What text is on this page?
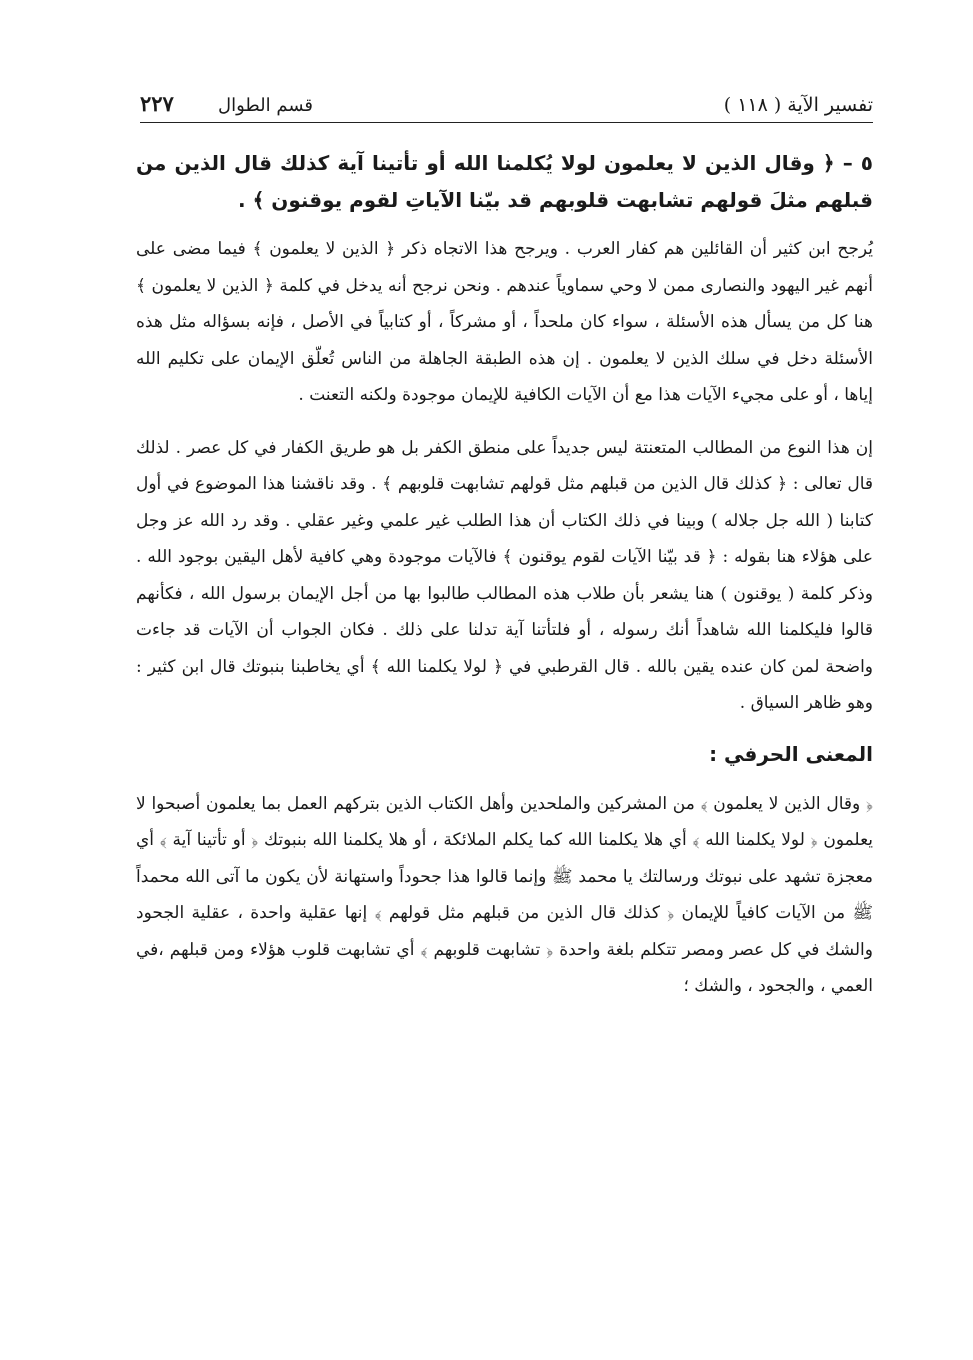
تفسير الآية ( ١١٨ )
قسم الطوال
٢٢٧

٥ – ﴿ وقال الذين لا يعلمون لولا يُكلمنا الله أو تأتينا آية كذلك قال الذين من قبلهم مثلَ قولهم تشابهت قلوبهم قد بيّنا الآياتِ لقوم يوقنون ﴾ .

يُرجح ابن كثير أن القائلين هم كفار العرب . ويرجح هذا الاتجاه ذكر ﴿ الذين لا يعلمون ﴾ فيما مضى على أنهم غير اليهود والنصارى ممن لا وحي سماوياً عندهم . ونحن نرجح أنه يدخل في كلمة ﴿ الذين لا يعلمون ﴾ هنا كل من يسأل هذه الأسئلة ، سواء كان ملحداً ، أو مشركاً ، أو كتابياً في الأصل ، فإنه بسؤاله مثل هذه الأسئلة دخل في سلك الذين لا يعلمون . إن هذه الطبقة الجاهلة من الناس تُعلّق الإيمان على تكليم الله إياها ، أو على مجيء الآيات هذا مع أن الآيات الكافية للإيمان موجودة ولكنه التعنت .

إن هذا النوع من المطالب المتعنتة ليس جديداً على منطق الكفر بل هو طريق الكفار في كل عصر . لذلك قال تعالى : ﴿ كذلك قال الذين من قبلهم مثل قولهم تشابهت قلوبهم ﴾ . وقد ناقشنا هذا الموضوع في أول كتابنا ( الله جل جلاله ) وبينا في ذلك الكتاب أن هذا الطلب غير علمي وغير عقلي . وقد رد الله عز وجل على هؤلاء هنا بقوله : ﴿ قد بيّنا الآيات لقوم يوقنون ﴾ فالآيات موجودة وهي كافية لأهل اليقين بوجود الله . وذكر كلمة ( يوقنون ) هنا يشعر بأن طلاب هذه المطالب طالبوا بها من أجل الإيمان برسول الله ، فكأنهم قالوا فليكلمنا الله شاهداً أنك رسوله ، أو فلتأتنا آية تدلنا على ذلك . فكان الجواب أن الآيات قد جاءت واضحة لمن كان عنده يقين بالله . قال القرطبي في ﴿ لولا يكلمنا الله ﴾ أي يخاطبنا بنبوتك قال ابن كثير : وهو ظاهر السياق .

المعنى الحرفي :

﴿ وقال الذين لا يعلمون ﴾ من المشركين والملحدين وأهل الكتاب الذين بتركهم العمل بما يعلمون أصبحوا لا يعلمون ﴿ لولا يكلمنا الله ﴾ أي هلا يكلمنا الله كما يكلم الملائكة ، أو هلا يكلمنا الله بنبوتك ﴿ أو تأتينا آية ﴾ أي معجزة تشهد على نبوتك ورسالتك يا محمد ﷺ وإنما قالوا هذا جحوداً واستهانة لأن يكون ما آتى الله محمداً ﷺ من الآيات كافياً للإيمان ﴿ كذلك قال الذين من قبلهم مثل قولهم ﴾ إنها عقلية واحدة ، عقلية الجحود والشك في كل عصر ومصر تتكلم بلغة واحدة ﴿ تشابهت قلوبهم ﴾ أي تشابهت قلوب هؤلاء ومن قبلهم ،في العمي ، والجحود ، والشك ؛
